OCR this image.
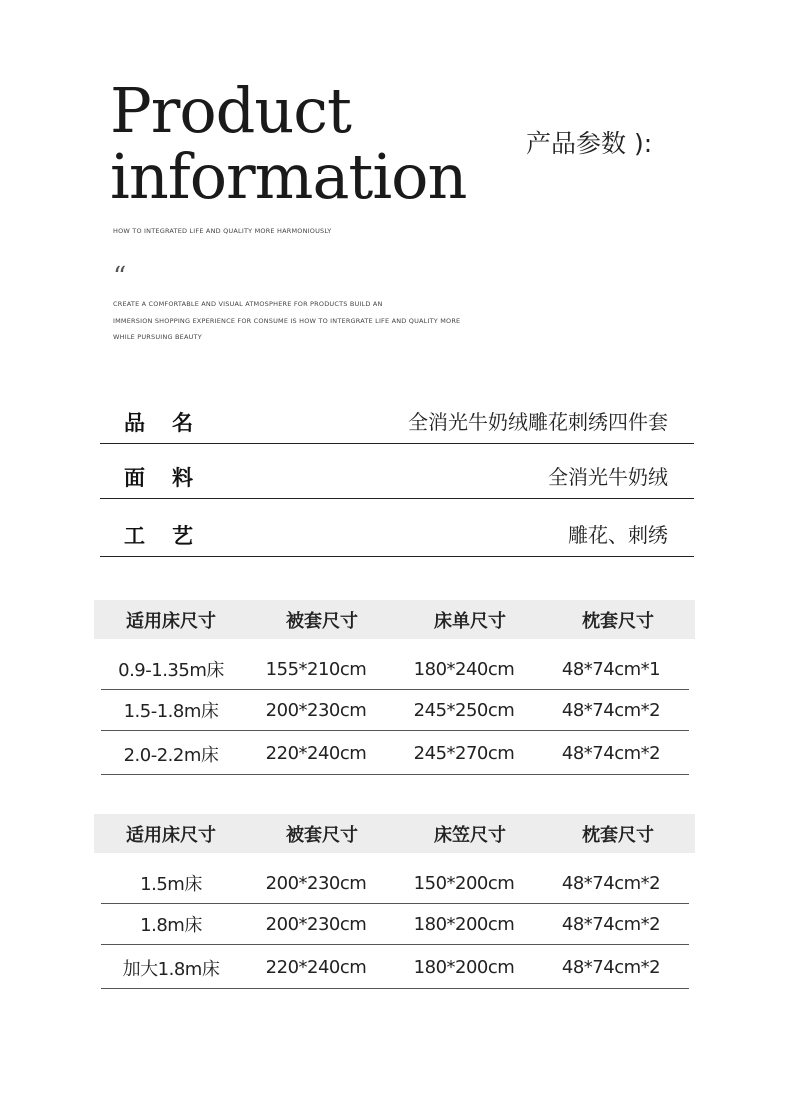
Product
information 产品参数 ):
HOW TO INTEGRATED LIFE AND QUALITY MORE HARMONIOUSLY
“
CREATE A COMFORTABLE AND VISUAL ATMOSPHERE FOR PRODUCTS BUILD AN
IMMERSION SHOPPING EXPERIENCE FOR CONSUME IS HOW TO INTERGRATE LIFE AND QUALITY MORE
WHILE PURSUING BEAUTY
品 名	全消光牛奶绒雕花刺绣四件套
面 料	全消光牛奶绒
工 艺	雕花、刺绣
适用床尺寸	被套尺寸	床单尺寸	枕套尺寸
0.9-1.35m床	155*210cm	180*240cm	48*74cm*1
1.5-1.8m床	200*230cm	245*250cm	48*74cm*2
2.0-2.2m床	220*240cm	245*270cm	48*74cm*2
适用床尺寸	被套尺寸	床笠尺寸	枕套尺寸
1.5m床	200*230cm	150*200cm	48*74cm*2
1.8m床	200*230cm	180*200cm	48*74cm*2
加大1.8m床	220*240cm	180*200cm	48*74cm*2
